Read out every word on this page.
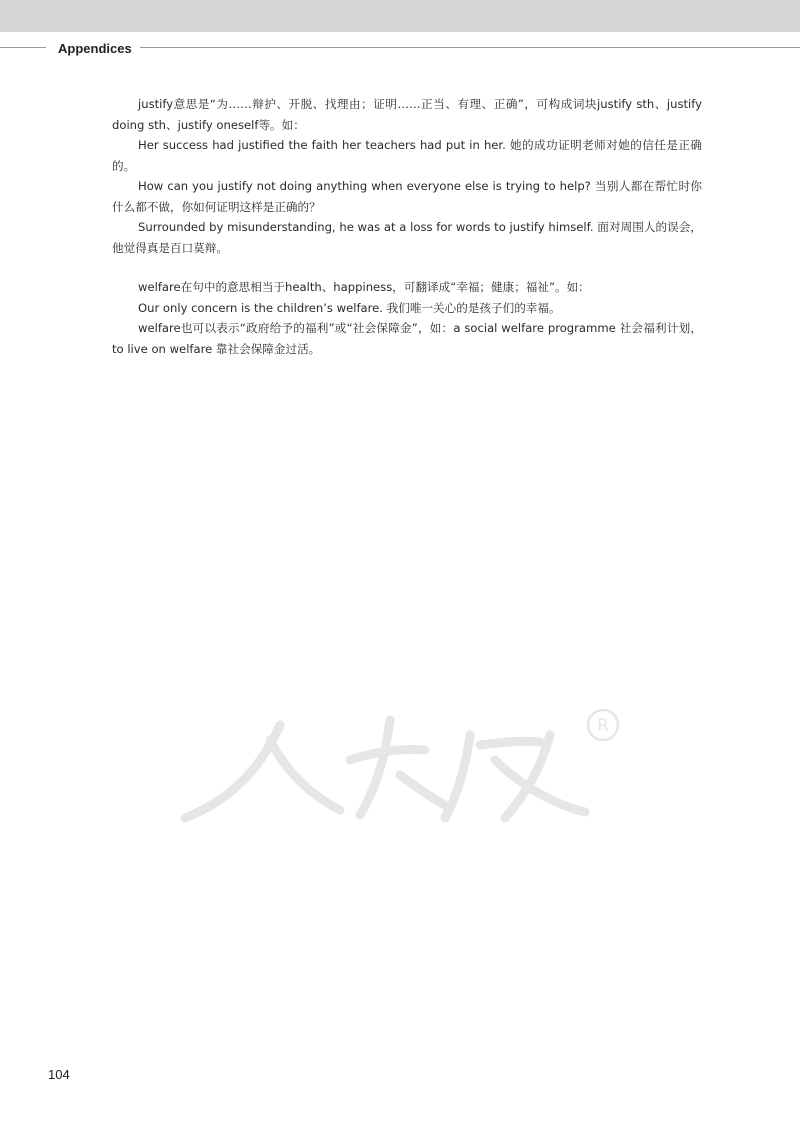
Appendices

justify意思是“为……辩护、开脱、找理由；证明……正当、有理、正确”，可构成词块justify sth、justify doing sth、justify oneself等。如：

Her success had justified the faith her teachers had put in her. 她的成功证明老师对她的信任是正确的。

How can you justify not doing anything when everyone else is trying to help? 当别人都在帮忙时你什么都不做，你如何证明这样是正确的？

Surrounded by misunderstanding, he was at a loss for words to justify himself. 面对周围人的误会，他觉得真是百口莫辩。

welfare在句中的意思相当于health、happiness，可翻译成“幸福；健康；福祉”。如：

Our only concern is the children’s welfare. 我们唯一关心的是孩子们的幸福。

welfare也可以表示“政府给予的福利”或“社会保障金”，如：a social welfare programme 社会福利计划，to live on welfare 靠社会保障金过活。

R
104
